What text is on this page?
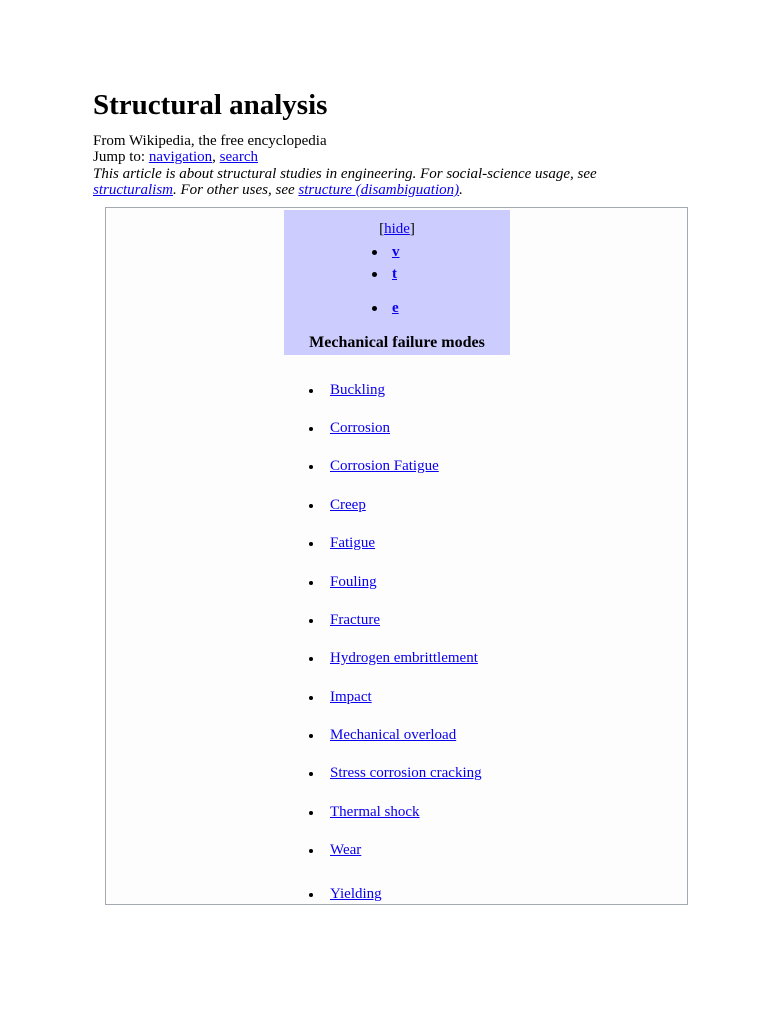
Structural analysis

From Wikipedia, the free encyclopedia

Jump to: navigation, search

This article is about structural studies in engineering. For social-science usage, see structuralism. For other uses, see structure (disambiguation).

[hide]
v
t
e
Mechanical failure modes
Buckling
Corrosion
Corrosion Fatigue
Creep
Fatigue
Fouling
Fracture
Hydrogen embrittlement
Impact
Mechanical overload
Stress corrosion cracking
Thermal shock
Wear
Yielding
